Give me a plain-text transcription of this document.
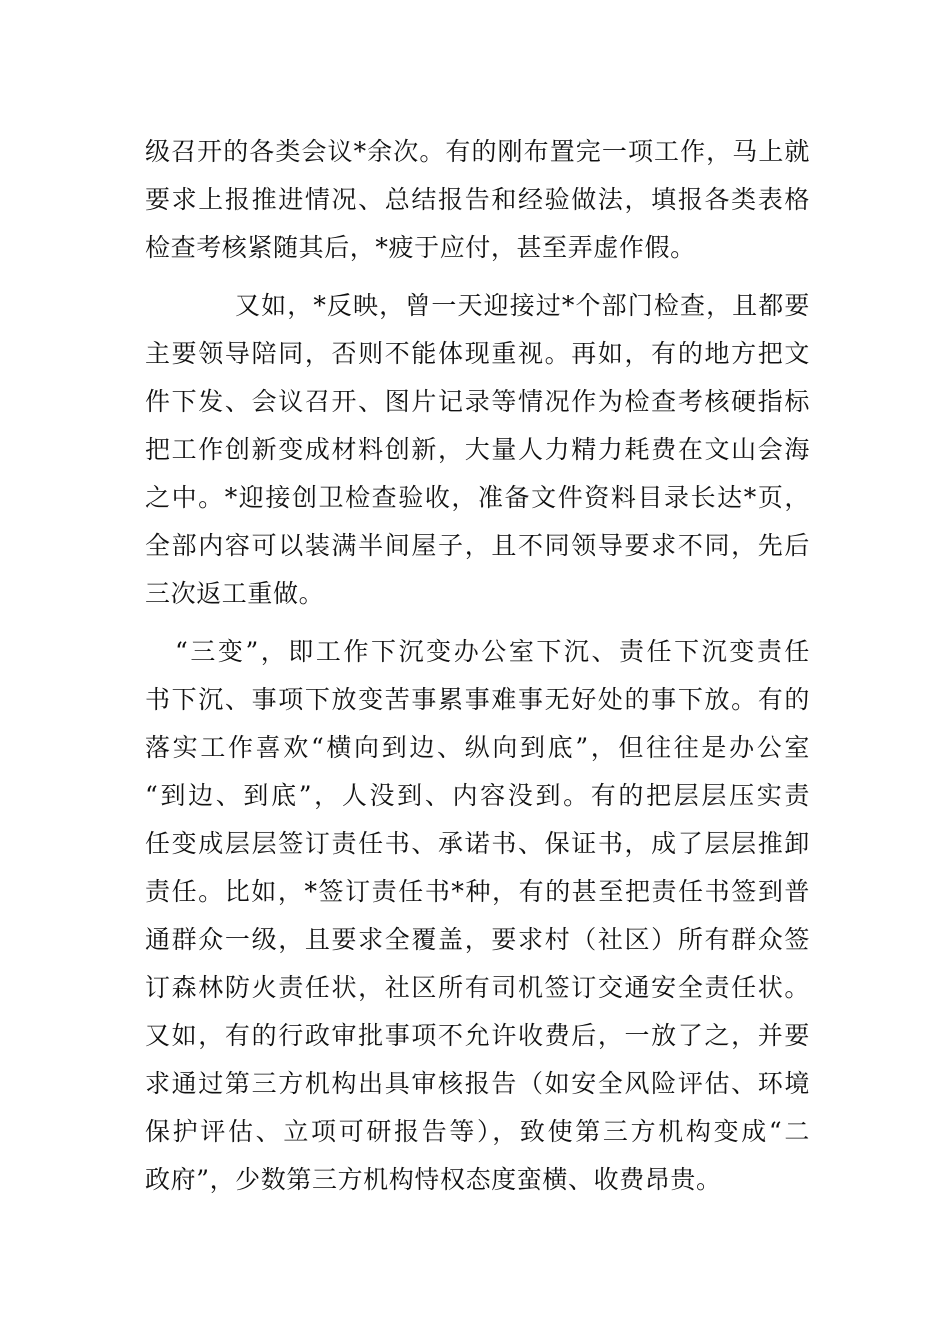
级召开的各类会议*余次。有的刚布置完一项工作，马上就
要求上报推进情况、总结报告和经验做法，填报各类表格
检查考核紧随其后，*疲于应付，甚至弄虚作假。
又如，*反映，曾一天迎接过*个部门检查，且都要
主要领导陪同，否则不能体现重视。再如，有的地方把文
件下发、会议召开、图片记录等情况作为检查考核硬指标
把工作创新变成材料创新，大量人力精力耗费在文山会海
之中。*迎接创卫检查验收，准备文件资料目录长达*页，
全部内容可以装满半间屋子，且不同领导要求不同，先后
三次返工重做。
“三变”，即工作下沉变办公室下沉、责任下沉变责任
书下沉、事项下放变苦事累事难事无好处的事下放。有的
落实工作喜欢“横向到边、纵向到底”，但往往是办公室
“到边、到底”，人没到、内容没到。有的把层层压实责
任变成层层签订责任书、承诺书、保证书，成了层层推卸
责任。比如，*签订责任书*种，有的甚至把责任书签到普
通群众一级，且要求全覆盖，要求村（社区）所有群众签
订森林防火责任状，社区所有司机签订交通安全责任状。
又如，有的行政审批事项不允许收费后，一放了之，并要
求通过第三方机构出具审核报告（如安全风险评估、环境
保护评估、立项可研报告等），致使第三方机构变成“二
政府”，少数第三方机构恃权态度蛮横、收费昂贵。
